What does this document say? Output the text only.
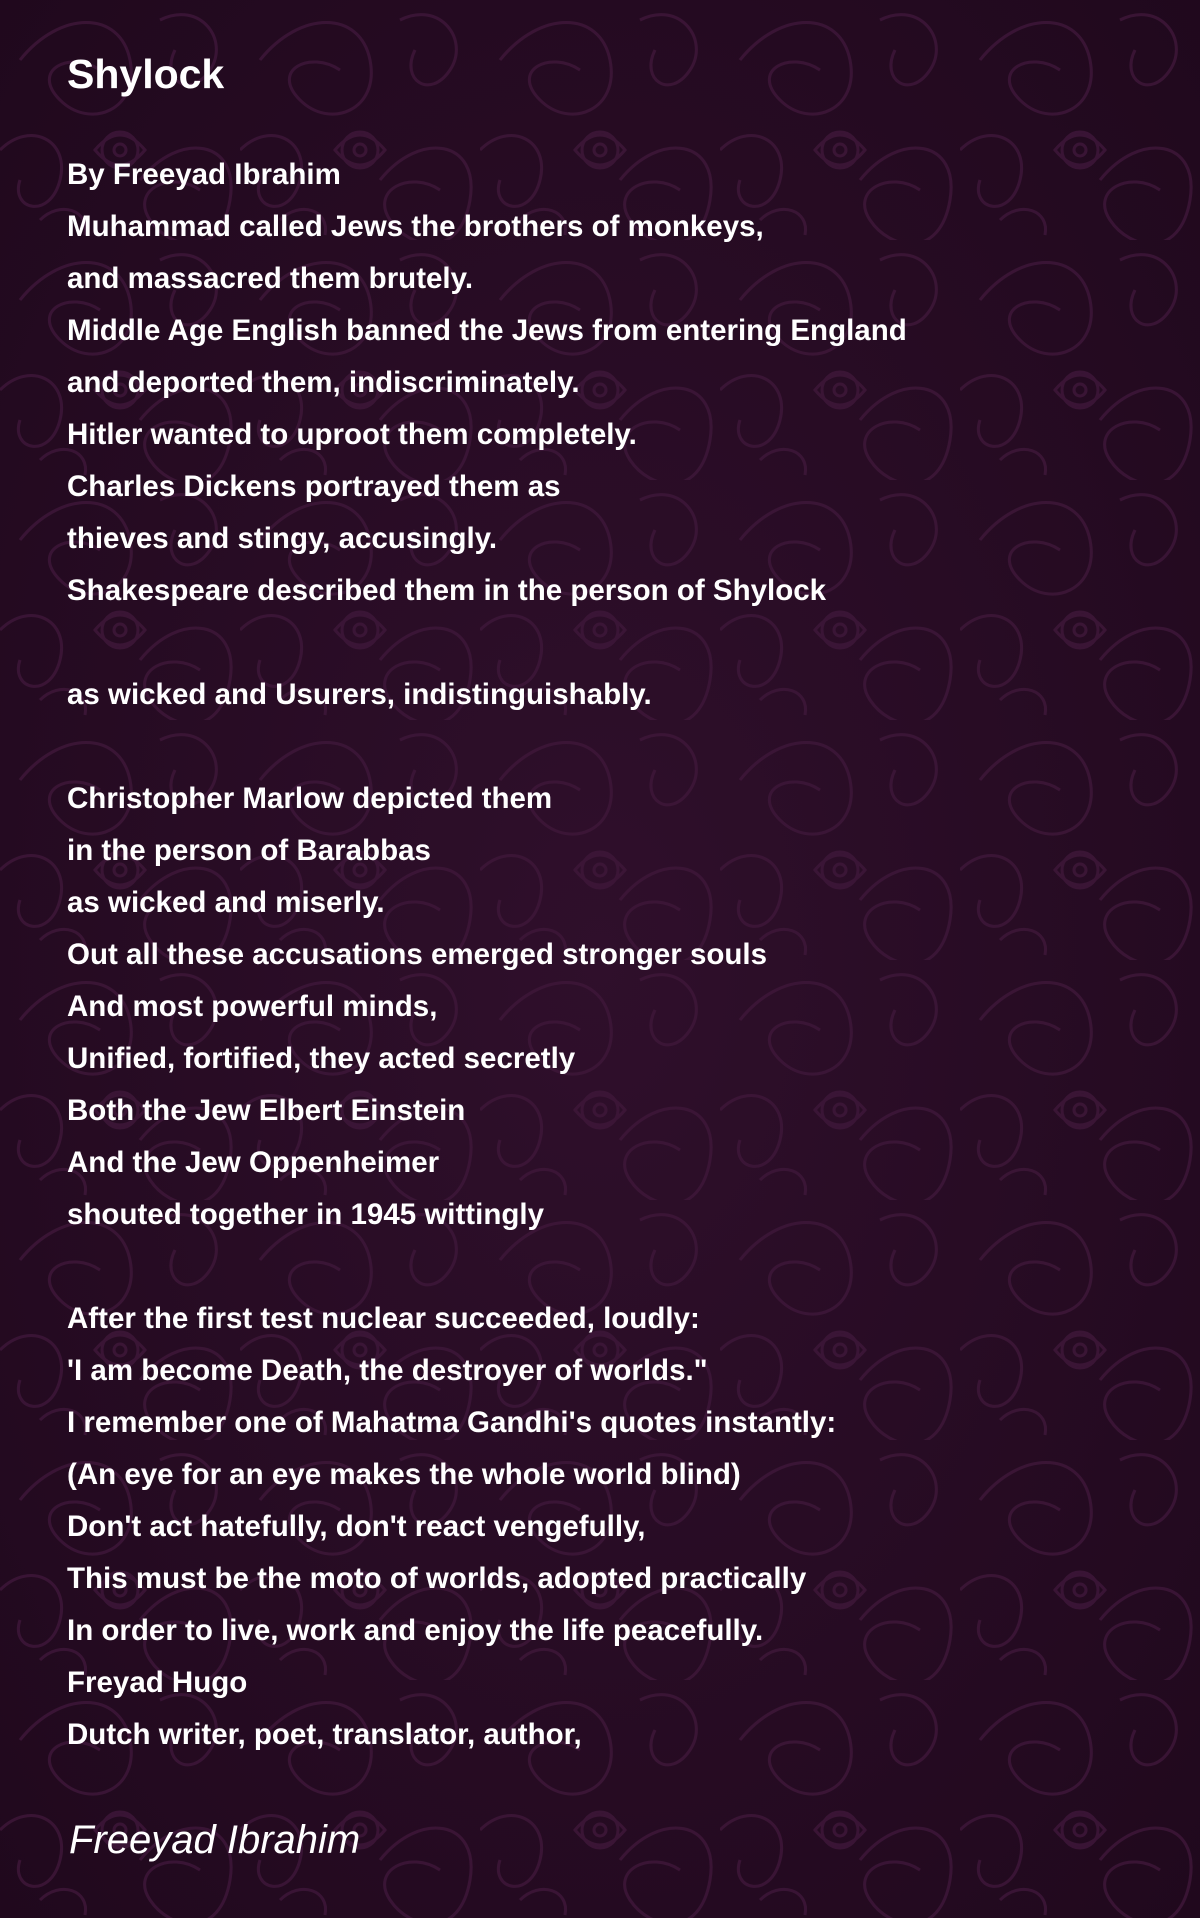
Shylock
By Freeyad Ibrahim
Muhammad called Jews the brothers of monkeys,
and massacred them brutely.
Middle Age English banned the Jews from entering England
and deported them, indiscriminately.
Hitler wanted to uproot them completely.
Charles Dickens portrayed them as
thieves and stingy, accusingly.
Shakespeare described them in the person of Shylock
as wicked and Usurers, indistinguishably.
Christopher Marlow depicted them
in the person of Barabbas
as wicked and miserly.
Out all these accusations emerged stronger souls
And most powerful minds,
Unified, fortified, they acted secretly
Both the Jew Elbert Einstein
And the Jew Oppenheimer
shouted together in 1945 wittingly
After the first test nuclear succeeded, loudly:
'I am become Death, the destroyer of worlds."
I remember one of Mahatma Gandhi's quotes instantly:
(An eye for an eye makes the whole world blind)
Don't act hatefully, don't react vengefully,
This must be the moto of worlds, adopted practically
In order to live, work and enjoy the life peacefully.
Freyad Hugo
Dutch writer, poet, translator, author,

Freeyad Ibrahim
